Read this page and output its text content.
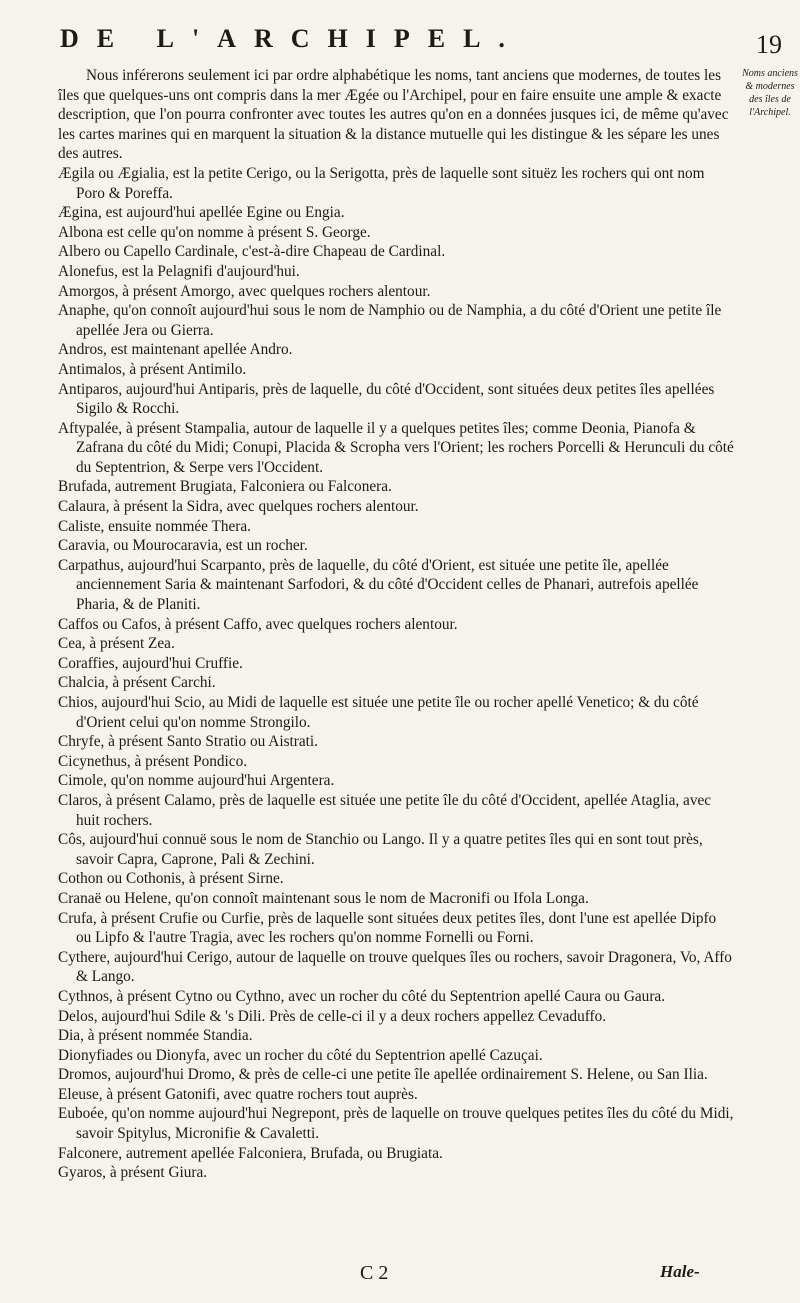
DE L'ARCHIPEL.	19
Noms anciens
& modernes
des îles de
l'Archipel.

Nous inférerons seulement ici par ordre alphabétique les noms, tant anciens que modernes, de toutes les îles que quelques-uns ont compris dans la mer Ægée ou l'Archipel, pour en faire ensuite une ample & exacte description, que l'on pourra confronter avec toutes les autres qu'on en a données jusques ici, de même qu'avec les cartes marines qui en marquent la situation & la distance mutuelle qui les distingue & les sépare les unes des autres.

Ægila ou Ægialia, est la petite Cerigo, ou la Serigotta, près de laquelle sont situëz les rochers qui ont nom Poro & Poreffa.

Ægina, est aujourd'hui apellée Egine ou Engia.

Albona est celle qu'on nomme à présent S. George.

Albero ou Capello Cardinale, c'est-à-dire Chapeau de Cardinal.

Alonefus, est la Pelagnifi d'aujourd'hui.

Amorgos, à présent Amorgo, avec quelques rochers alentour.

Anaphe, qu'on connoît aujourd'hui sous le nom de Namphio ou de Namphia, a du côté d'Orient une petite île apellée Jera ou Gierra.

Andros, est maintenant apellée Andro.

Antimalos, à présent Antimilo.

Antiparos, aujourd'hui Antiparis, près de laquelle, du côté d'Occident, sont situées deux petites îles apellées Sigilo & Rocchi.

Aftypalée, à présent Stampalia, autour de laquelle il y a quelques petites îles; comme Deonia, Pianofa & Zafrana du côté du Midi; Conupi, Placida & Scropha vers l'Orient; les rochers Porcelli & Herunculi du côté du Septentrion, & Serpe vers l'Occident.

Brufada, autrement Brugiata, Falconiera ou Falconera.

Calaura, à présent la Sidra, avec quelques rochers alentour.

Caliste, ensuite nommée Thera.

Caravia, ou Mourocaravia, est un rocher.

Carpathus, aujourd'hui Scarpanto, près de laquelle, du côté d'Orient, est située une petite île, apellée anciennement Saria & maintenant Sarfodori, & du côté d'Occident celles de Phanari, autrefois apellée Pharia, & de Planiti.

Caffos ou Cafos, à présent Caffo, avec quelques rochers alentour.

Cea, à présent Zea.

Coraffies, aujourd'hui Cruffie.

Chalcia, à présent Carchi.

Chios, aujourd'hui Scio, au Midi de laquelle est située une petite île ou rocher apellé Venetico; & du côté d'Orient celui qu'on nomme Strongilo.

Chryfe, à présent Santo Stratio ou Aistrati.

Cicynethus, à présent Pondico.

Cimole, qu'on nomme aujourd'hui Argentera.

Claros, à présent Calamo, près de laquelle est située une petite île du côté d'Occident, apellée Ataglia, avec huit rochers.

Côs, aujourd'hui connuë sous le nom de Stanchio ou Lango. Il y a quatre petites îles qui en sont tout près, savoir Capra, Caprone, Pali & Zechini.

Cothon ou Cothonis, à présent Sirne.

Cranaë ou Helene, qu'on connoît maintenant sous le nom de Macronifi ou Ifola Longa.

Crufa, à présent Crufie ou Curfie, près de laquelle sont situées deux petites îles, dont l'une est apellée Dipfo ou Lipfo & l'autre Tragia, avec les rochers qu'on nomme Fornelli ou Forni.

Cythere, aujourd'hui Cerigo, autour de laquelle on trouve quelques îles ou rochers, savoir Dragonera, Vo, Affo & Lango.

Cythnos, à présent Cytno ou Cythno, avec un rocher du côté du Septentrion apellé Caura ou Gaura.

Delos, aujourd'hui Sdile & 's Dili. Près de celle-ci il y a deux rochers appellez Cevaduffo.

Dia, à présent nommée Standia.

Dionyfiades ou Dionyfa, avec un rocher du côté du Septentrion apellé Cazuçai.

Dromos, aujourd'hui Dromo, & près de celle-ci une petite île apellée ordinairement S. Helene, ou San Ilia.

Eleuse, à présent Gatonifi, avec quatre rochers tout auprès.

Euboée, qu'on nomme aujourd'hui Negrepont, près de laquelle on trouve quelques petites îles du côté du Midi, savoir Spitylus, Micronifie & Cavaletti.

Falconere, autrement apellée Falconiera, Brufada, ou Brugiata.

Gyaros, à présent Giura.

C 2	Hale-
